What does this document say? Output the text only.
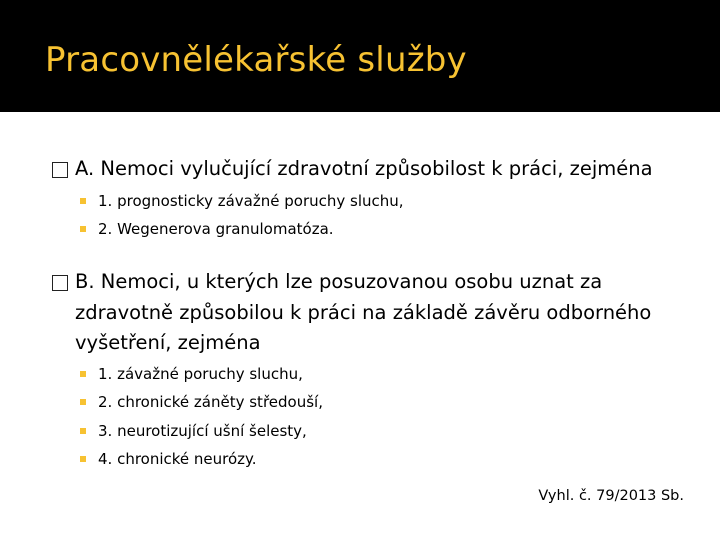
Pracovnělékařské služby
A. Nemoci vylučující zdravotní způsobilost k práci, zejména
1. prognosticky závažné poruchy sluchu,
2. Wegenerova granulomatóza.
B. Nemoci, u kterých lze posuzovanou osobu uznat za
zdravotně způsobilou k práci na základě závěru odborného
vyšetření, zejména
1. závažné poruchy sluchu,
2. chronické záněty středouší,
3. neurotizující ušní šelesty,
4. chronické neurózy.
Vyhl. č. 79/2013 Sb.
